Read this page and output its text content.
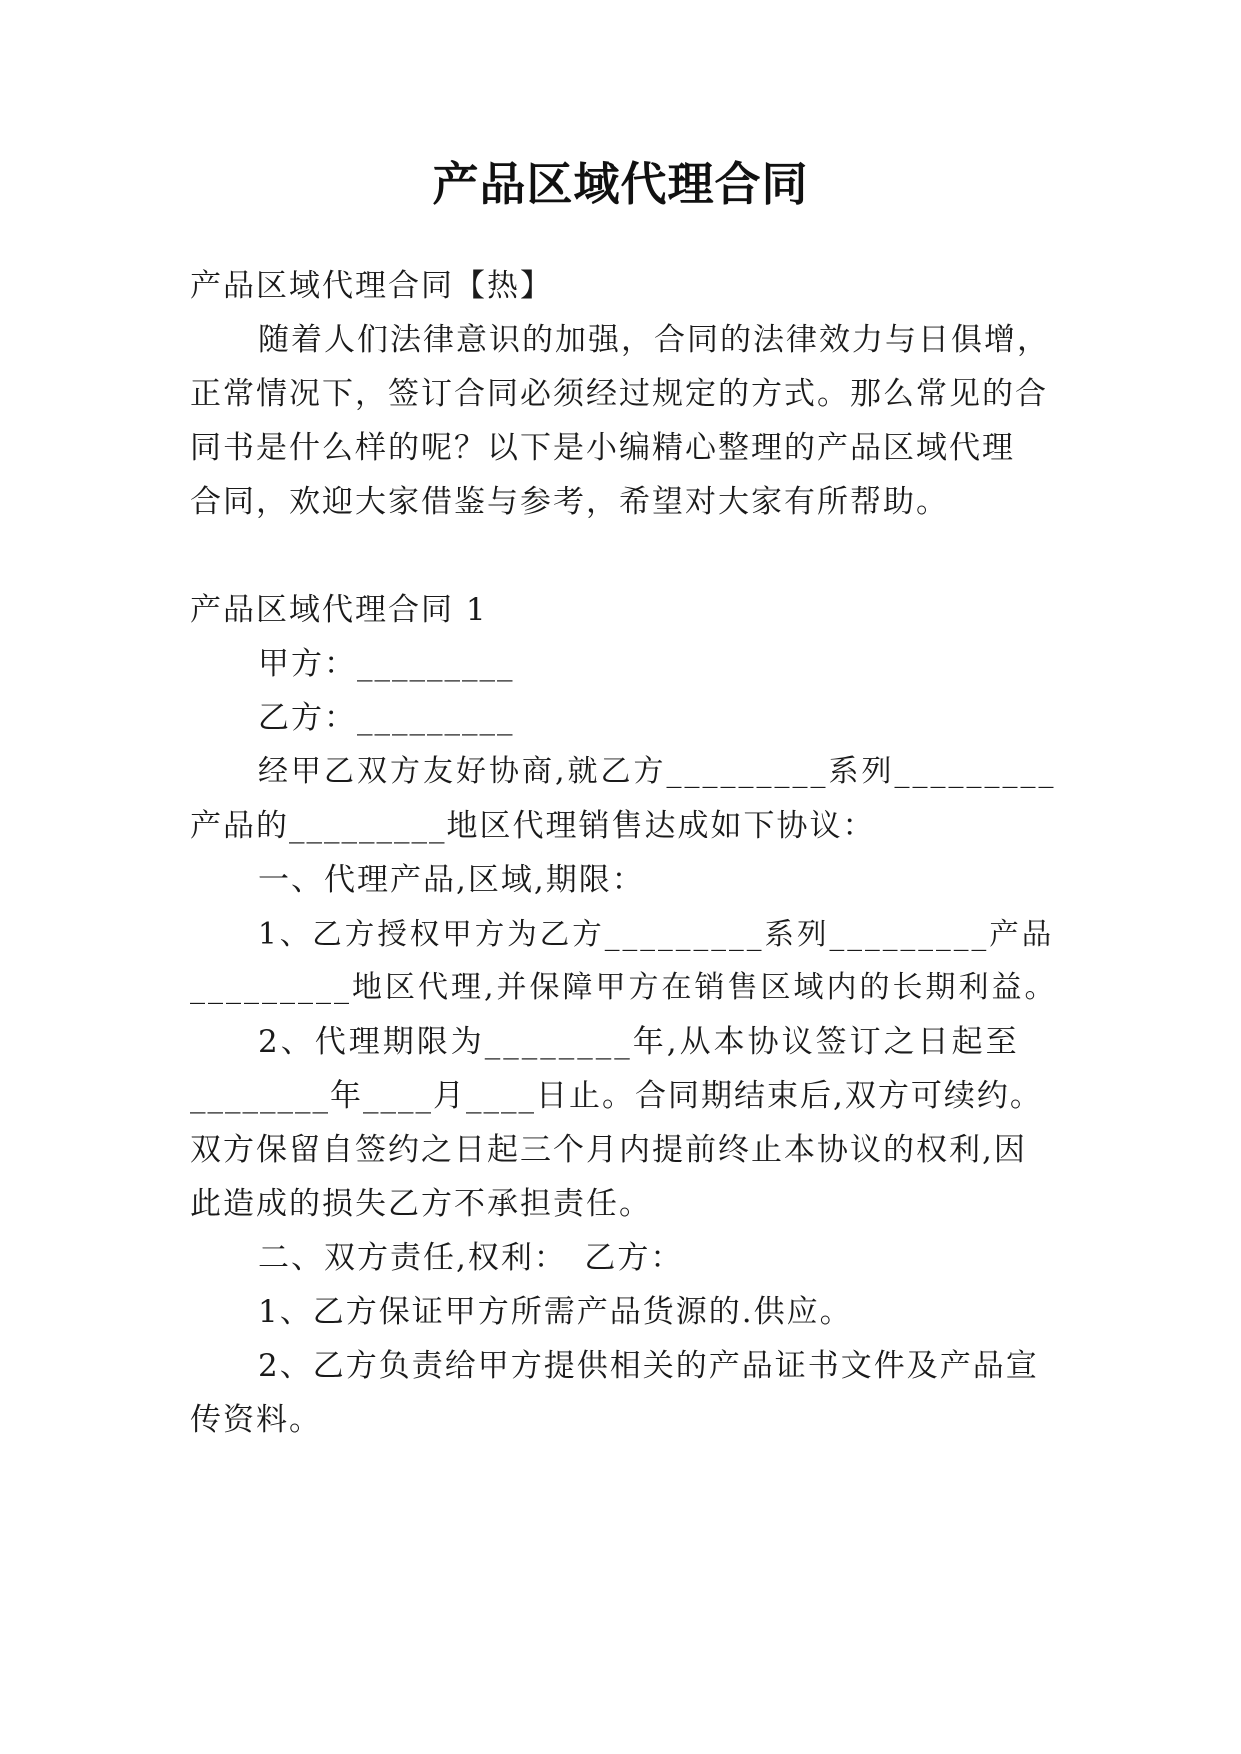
产品区域代理合同
产品区域代理合同【热】
随着人们法律意识的加强，合同的法律效力与日俱增，
正常情况下，签订合同必须经过规定的方式。那么常见的合
同书是什么样的呢？以下是小编精心整理的产品区域代理
合同，欢迎大家借鉴与参考，希望对大家有所帮助。
产品区域代理合同 1
甲方：_________
乙方：_________
经甲乙双方友好协商,就乙方_________系列_________
产品的_________地区代理销售达成如下协议：
一、代理产品,区域,期限：
1、乙方授权甲方为乙方_________系列_________产品
_________地区代理,并保障甲方在销售区域内的长期利益。
2、代理期限为________年,从本协议签订之日起至
________年____月____日止。合同期结束后,双方可续约。
双方保留自签约之日起三个月内提前终止本协议的权利,因
此造成的损失乙方不承担责任。
二、双方责任,权利：　乙方：
1、乙方保证甲方所需产品货源的.供应。
2、乙方负责给甲方提供相关的产品证书文件及产品宣
传资料。
